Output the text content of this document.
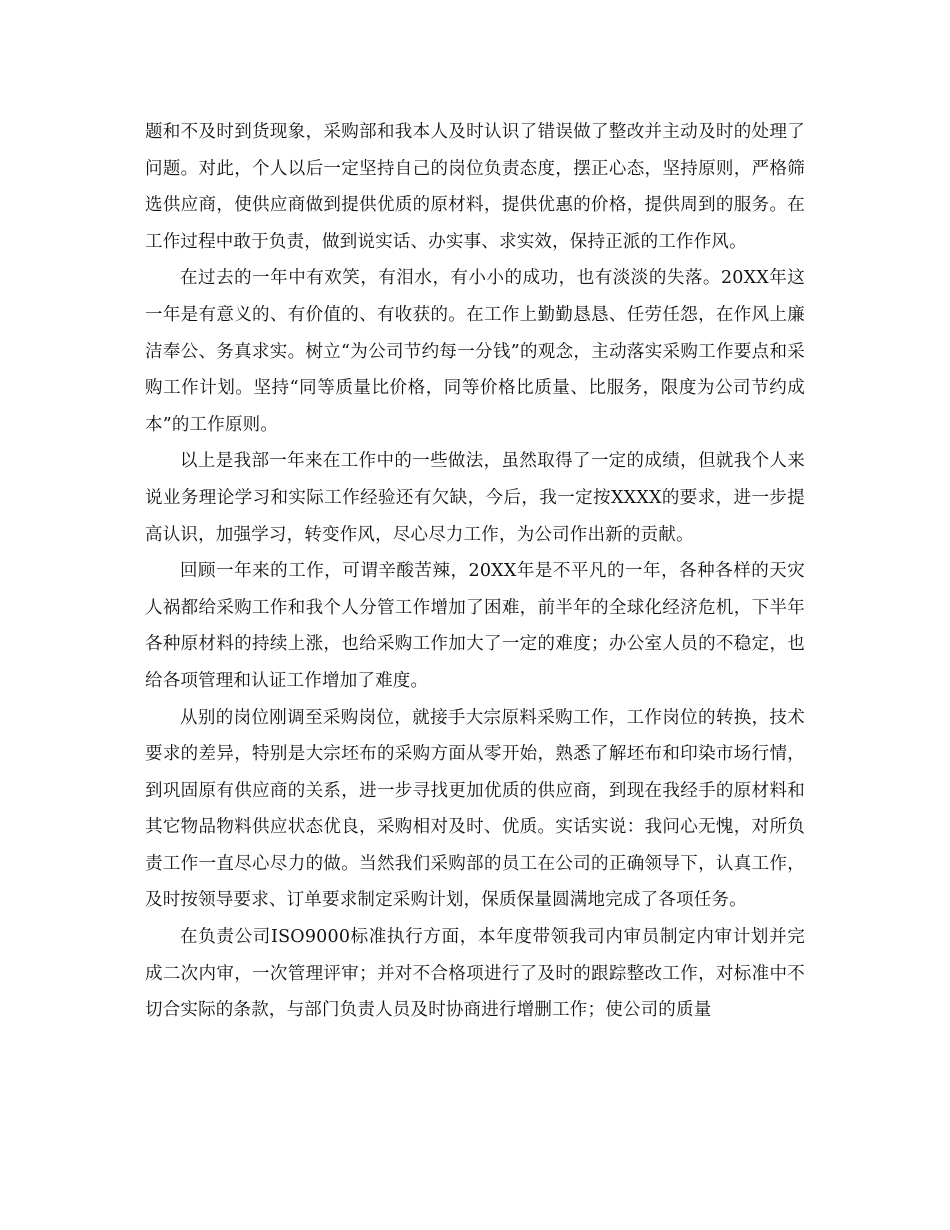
题和不及时到货现象，采购部和我本人及时认识了错误做了整改并主动及时的处理了问题。对此，个人以后一定坚持自己的岗位负责态度，摆正心态，坚持原则，严格筛选供应商，使供应商做到提供优质的原材料，提供优惠的价格，提供周到的服务。在工作过程中敢于负责，做到说实话、办实事、求实效，保持正派的工作作风。

在过去的一年中有欢笑，有泪水，有小小的成功，也有淡淡的失落。20XX年这一年是有意义的、有价值的、有收获的。在工作上勤勤恳恳、任劳任怨，在作风上廉洁奉公、务真求实。树立“为公司节约每一分钱”的观念，主动落实采购工作要点和采购工作计划。坚持“同等质量比价格，同等价格比质量、比服务，限度为公司节约成本”的工作原则。

以上是我部一年来在工作中的一些做法，虽然取得了一定的成绩，但就我个人来说业务理论学习和实际工作经验还有欠缺，今后，我一定按XXXX的要求，进一步提高认识，加强学习，转变作风，尽心尽力工作，为公司作出新的贡献。

回顾一年来的工作，可谓辛酸苦辣，20XX年是不平凡的一年，各种各样的天灾人祸都给采购工作和我个人分管工作增加了困难，前半年的全球化经济危机，下半年各种原材料的持续上涨，也给采购工作加大了一定的难度；办公室人员的不稳定，也给各项管理和认证工作增加了难度。

从别的岗位刚调至采购岗位，就接手大宗原料采购工作，工作岗位的转换，技术要求的差异，特别是大宗坯布的采购方面从零开始，熟悉了解坯布和印染市场行情，到巩固原有供应商的关系，进一步寻找更加优质的供应商，到现在我经手的原材料和其它物品物料供应状态优良，采购相对及时、优质。实话实说：我问心无愧，对所负责工作一直尽心尽力的做。当然我们采购部的员工在公司的正确领导下，认真工作，及时按领导要求、订单要求制定采购计划，保质保量圆满地完成了各项任务。

在负责公司ISO9000标准执行方面，本年度带领我司内审员制定内审计划并完成二次内审，一次管理评审；并对不合格项进行了及时的跟踪整改工作，对标准中不切合实际的条款，与部门负责人员及时协商进行增删工作；使公司的质量
